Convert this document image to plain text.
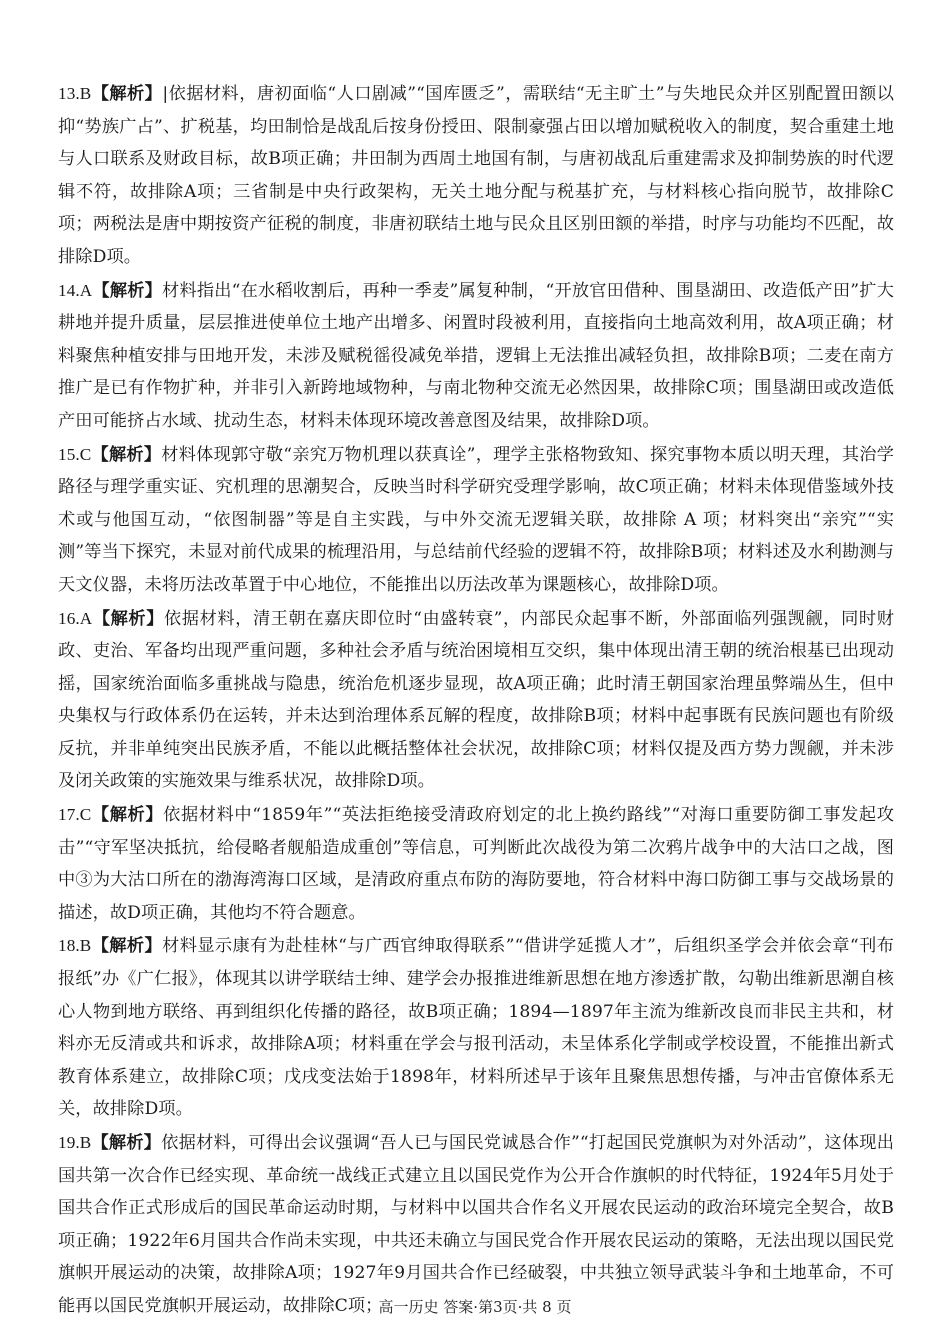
13.B【解析】|依据材料，唐初面临“人口剧减”“国库匮乏”，需联结“无主旷土”与失地民众并区别配置田额以抑“势族广占”、扩税基，均田制恰是战乱后按身份授田、限制豪强占田以增加赋税收入的制度，契合重建土地与人口联系及财政目标，故B项正确；井田制为西周土地国有制，与唐初战乱后重建需求及抑制势族的时代逻辑不符，故排除A项；三省制是中央行政架构，无关土地分配与税基扩充，与材料核心指向脱节，故排除C项；两税法是唐中期按资产征税的制度，非唐初联结土地与民众且区别田额的举措，时序与功能均不匹配，故排除D项。

14.A【解析】材料指出“在水稻收割后，再种一季麦”属复种制，“开放官田借种、围垦湖田、改造低产田”扩大耕地并提升质量，层层推进使单位土地产出增多、闲置时段被利用，直接指向土地高效利用，故A项正确；材料聚焦种植安排与田地开发，未涉及赋税徭役减免举措，逻辑上无法推出减轻负担，故排除B项；二麦在南方推广是已有作物扩种，并非引入新跨地域物种，与南北物种交流无必然因果，故排除C项；围垦湖田或改造低产田可能挤占水域、扰动生态，材料未体现环境改善意图及结果，故排除D项。

15.C【解析】材料体现郭守敬“亲究万物机理以获真诠”，理学主张格物致知、探究事物本质以明天理，其治学路径与理学重实证、究机理的思潮契合，反映当时科学研究受理学影响，故C项正确；材料未体现借鉴域外技术或与他国互动，“依图制器”等是自主实践，与中外交流无逻辑关联，故排除 A 项；材料突出“亲究”“实测”等当下探究，未显对前代成果的梳理沿用，与总结前代经验的逻辑不符，故排除B项；材料述及水利勘测与天文仪器，未将历法改革置于中心地位，不能推出以历法改革为课题核心，故排除D项。

16.A【解析】依据材料，清王朝在嘉庆即位时“由盛转衰”，内部民众起事不断，外部面临列强觊觎，同时财政、吏治、军备均出现严重问题，多种社会矛盾与统治困境相互交织，集中体现出清王朝的统治根基已出现动摇，国家统治面临多重挑战与隐患，统治危机逐步显现，故A项正确；此时清王朝国家治理虽弊端丛生，但中央集权与行政体系仍在运转，并未达到治理体系瓦解的程度，故排除B项；材料中起事既有民族问题也有阶级反抗，并非单纯突出民族矛盾，不能以此概括整体社会状况，故排除C项；材料仅提及西方势力觊觎，并未涉及闭关政策的实施效果与维系状况，故排除D项。

17.C【解析】依据材料中“1859年”“英法拒绝接受清政府划定的北上换约路线”“对海口重要防御工事发起攻击”“守军坚决抵抗，给侵略者舰船造成重创”等信息，可判断此次战役为第二次鸦片战争中的大沽口之战，图中③为大沽口所在的渤海湾海口区域，是清政府重点布防的海防要地，符合材料中海口防御工事与交战场景的描述，故D项正确，其他均不符合题意。

18.B【解析】材料显示康有为赴桂林“与广西官绅取得联系”“借讲学延揽人才”，后组织圣学会并依会章“刊布报纸”办《广仁报》，体现其以讲学联结士绅、建学会办报推进维新思想在地方渗透扩散，勾勒出维新思潮自核心人物到地方联络、再到组织化传播的路径，故B项正确；1894—1897年主流为维新改良而非民主共和，材料亦无反清或共和诉求，故排除A项；材料重在学会与报刊活动，未呈体系化学制或学校设置，不能推出新式教育体系建立，故排除C项；戊戌变法始于1898年，材料所述早于该年且聚焦思想传播，与冲击官僚体系无关，故排除D项。

19.B【解析】依据材料，可得出会议强调“吾人已与国民党诚恳合作”“打起国民党旗帜为对外活动”，这体现出国共第一次合作已经实现、革命统一战线正式建立且以国民党作为公开合作旗帜的时代特征，1924年5月处于国共合作正式形成后的国民革命运动时期，与材料中以国共合作名义开展农民运动的政治环境完全契合，故B项正确；1922年6月国共合作尚未实现，中共还未确立与国民党合作开展农民运动的策略，无法出现以国民党旗帜开展运动的决策，故排除A项；1927年9月国共合作已经破裂，中共独立领导武装斗争和土地革命，不可能再以国民党旗帜开展运动，故排除C项；

高一历史 答案·第3页·共 8 页
